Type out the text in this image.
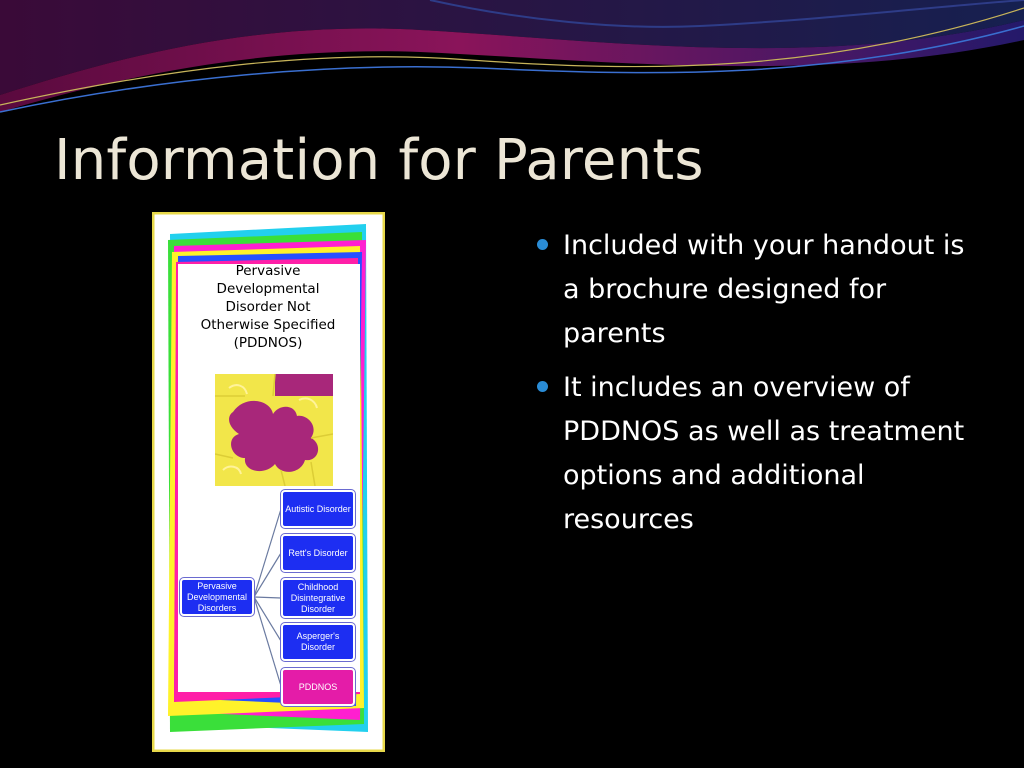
Information for Parents
Pervasive
Developmental
Disorder Not
Otherwise Specified
(PDDNOS)
Pervasive Developmental Disorders
Autistic Disorder
Rett's Disorder
Childhood Disintegrative Disorder
Asperger's Disorder
PDDNOS
Included with your handout is a brochure designed for parents
It includes an overview of PDDNOS as well as treatment options and additional resources
